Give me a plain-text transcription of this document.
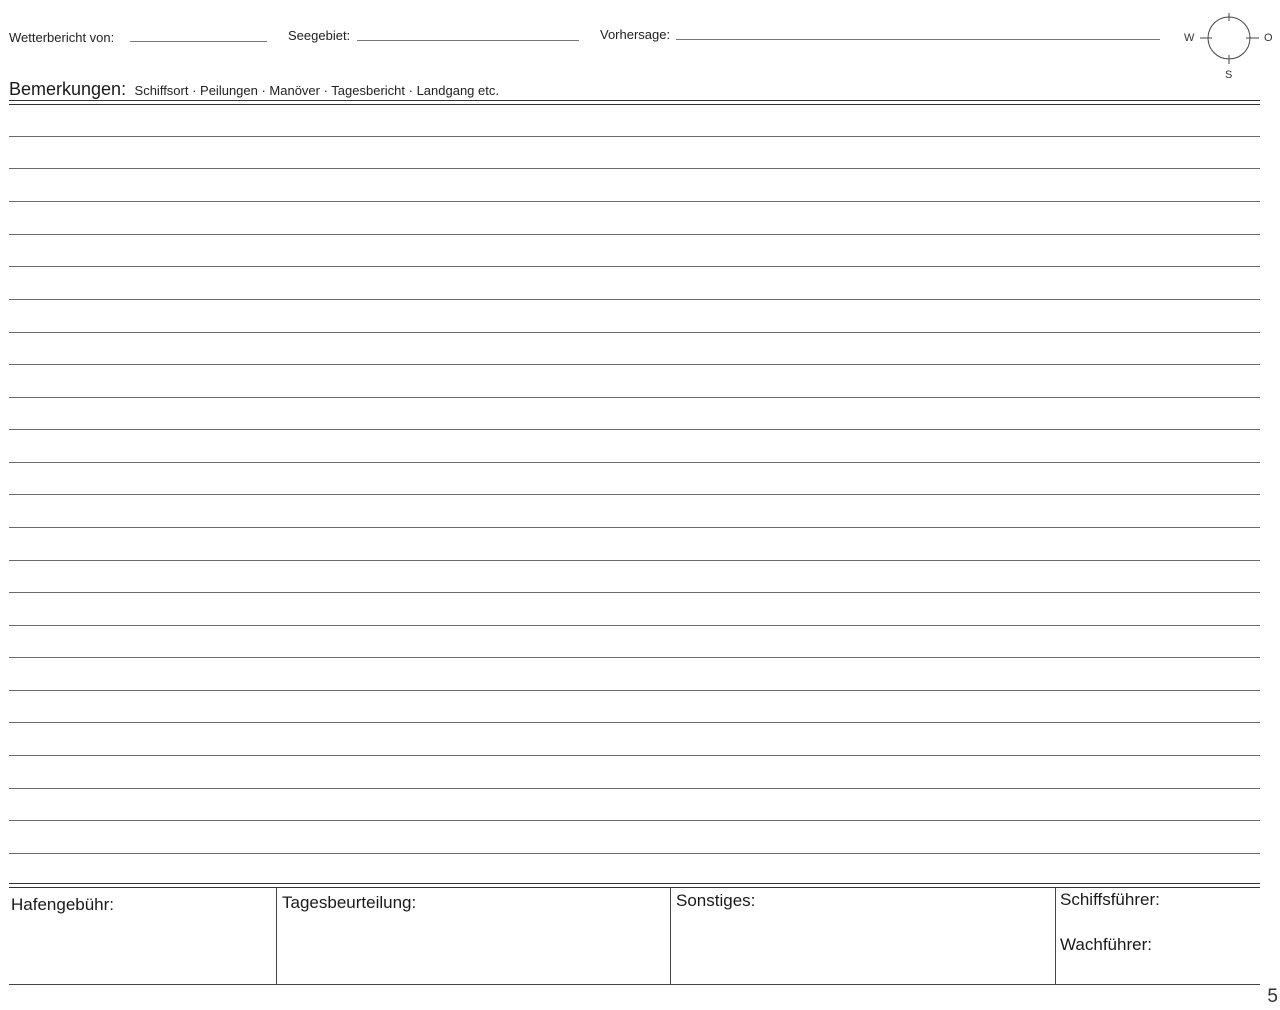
Wetterbericht von:	Seegebiet:	Vorhersage:	W	O
S
Bemerkungen: Schiffsort · Peilungen · Manöver · Tagesbericht · Landgang etc.
Hafengebühr:	Tagesbeurteilung:	Sonstiges:	Schiffsführer:
Wachführer:
5
